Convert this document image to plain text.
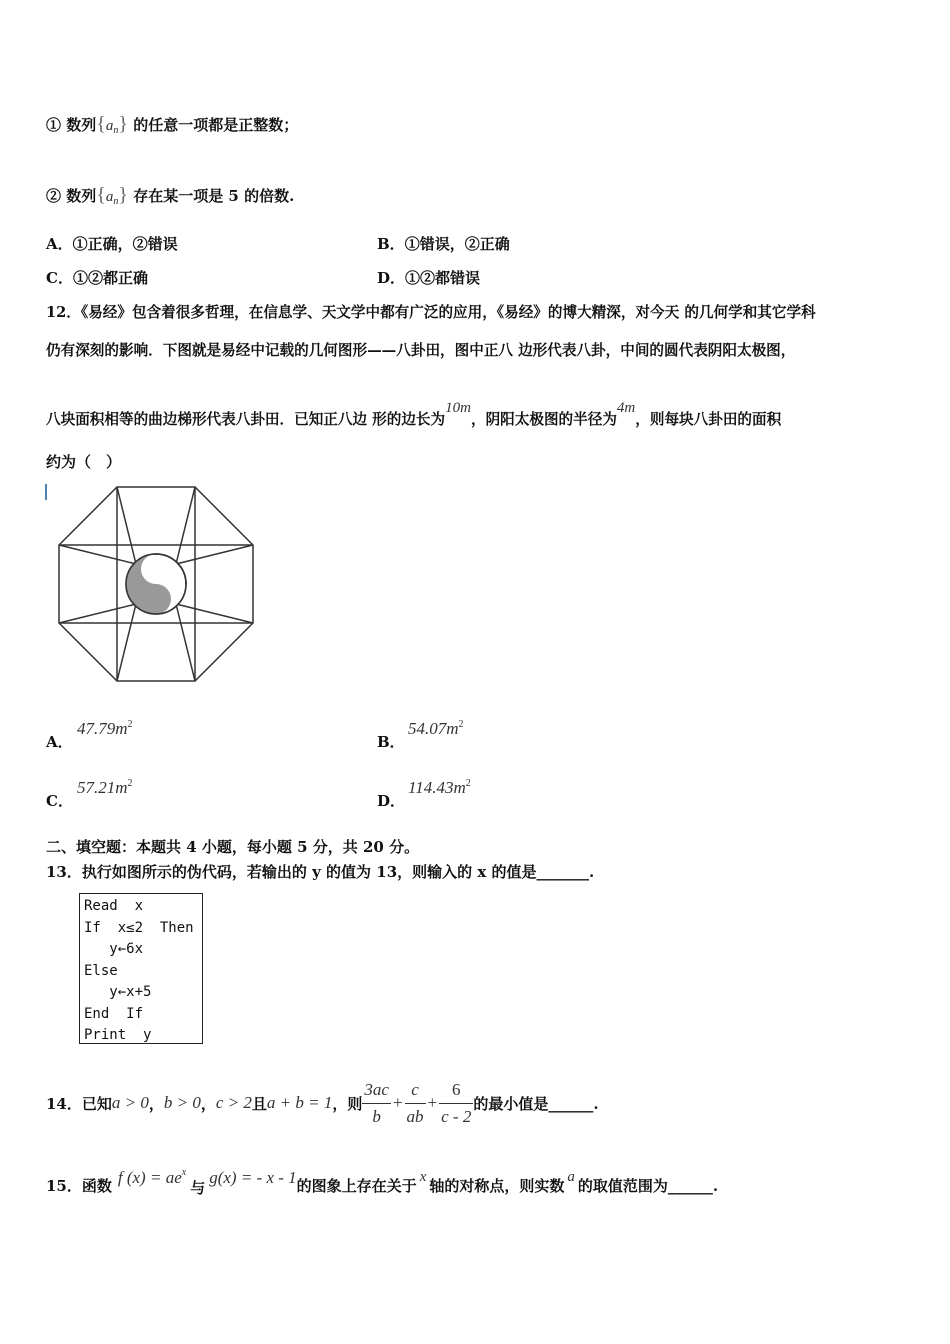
① 数列$\{a_n\}$ 的任意一项都是正整数；
② 数列$\{a_n\}$ 存在某一项是 5 的倍数.
A．①正确，②错误	B．①错误，②正确
C．①②都正确	D．①②都错误
12．《易经》包含着很多哲理，在信息学、天文学中都有广泛的应用，《易经》的博大精深，对今天 的几何学和其它学科
仍有深刻的影响．下图就是易经中记载的几何图形——八卦田，图中正八 边形代表八卦，中间的圆代表阴阳太极图，
八块面积相等的曲边梯形代表八卦田．已知正八边 形的边长为10m，阴阳太极图的半径为4m，则每块八卦田的面积
约为（　）
A．
$47.79m^2$
B．
$54.07m^2$
C．
$57.21m^2$
D．
$114.43m^2$
二、填空题：本题共 4 小题，每小题 5 分，共 20 分。
13．执行如图所示的伪代码，若输出的 y 的值为 13，则输入的 x 的值是_______.
Read  x
If  x≤2  Then
y←6x
Else
y←x+5
End  If
Print  y
14．已知 a > 0 ， b > 0 ， c > 2 且 a + b = 1 ，则 $\frac{3ac}{b} + \frac{c}{ab} + \frac{6}{c - 2}$ 的最小值是______.
15．函数 f $(x) = ae^x$
与
g(x) = - x - 1 的图象上存在关于 x 轴的对称点，则实数 a 的取值范围为______.
